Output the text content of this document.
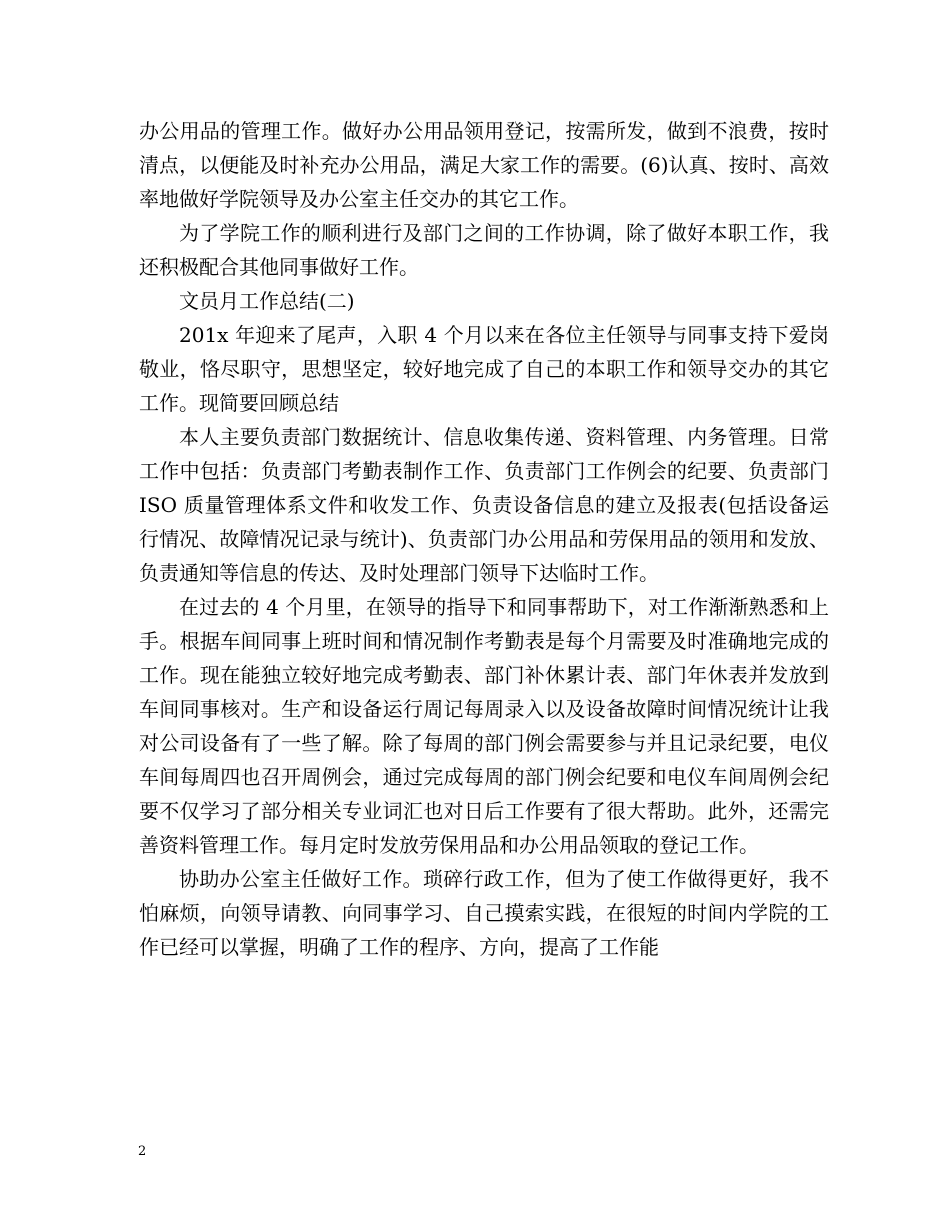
办公用品的管理工作。做好办公用品领用登记，按需所发，做到不浪费，按时清点，以便能及时补充办公用品，满足大家工作的需要。(6)认真、按时、高效率地做好学院领导及办公室主任交办的其它工作。

为了学院工作的顺利进行及部门之间的工作协调，除了做好本职工作，我还积极配合其他同事做好工作。

文员月工作总结(二)

201x 年迎来了尾声，入职 4 个月以来在各位主任领导与同事支持下爱岗敬业，恪尽职守，思想坚定，较好地完成了自己的本职工作和领导交办的其它工作。现简要回顾总结

本人主要负责部门数据统计、信息收集传递、资料管理、内务管理。日常工作中包括：负责部门考勤表制作工作、负责部门工作例会的纪要、负责部门 ISO 质量管理体系文件和收发工作、负责设备信息的建立及报表(包括设备运行情况、故障情况记录与统计)、负责部门办公用品和劳保用品的领用和发放、负责通知等信息的传达、及时处理部门领导下达临时工作。

在过去的 4 个月里，在领导的指导下和同事帮助下，对工作渐渐熟悉和上手。根据车间同事上班时间和情况制作考勤表是每个月需要及时准确地完成的工作。现在能独立较好地完成考勤表、部门补休累计表、部门年休表并发放到车间同事核对。生产和设备运行周记每周录入以及设备故障时间情况统计让我对公司设备有了一些了解。除了每周的部门例会需要参与并且记录纪要，电仪车间每周四也召开周例会，通过完成每周的部门例会纪要和电仪车间周例会纪要不仅学习了部分相关专业词汇也对日后工作要有了很大帮助。此外，还需完善资料管理工作。每月定时发放劳保用品和办公用品领取的登记工作。

协助办公室主任做好工作。琐碎行政工作，但为了使工作做得更好，我不怕麻烦，向领导请教、向同事学习、自己摸索实践，在很短的时间内学院的工作已经可以掌握，明确了工作的程序、方向，提高了工作能

2
